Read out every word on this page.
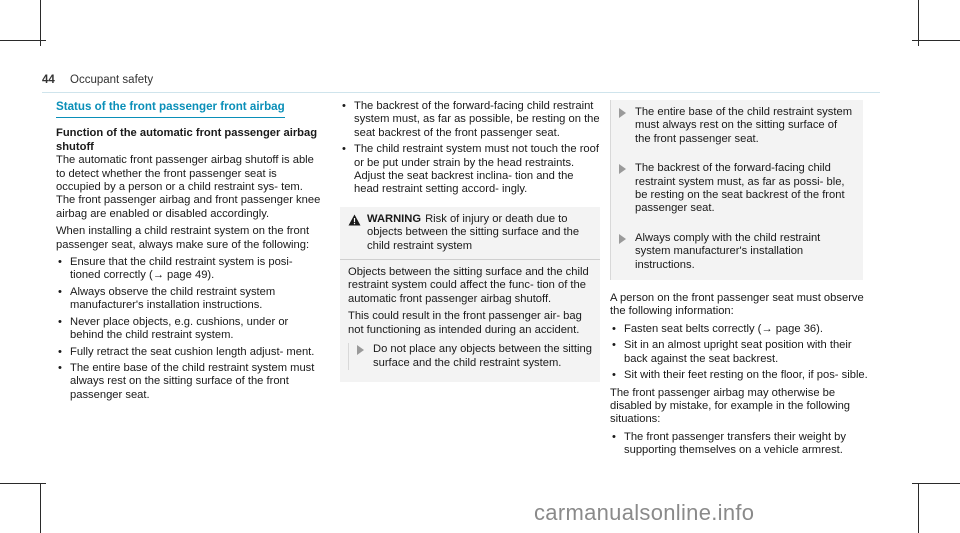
44 Occupant safety
Status of the front passenger front airbag
Function of the automatic front passenger airbag shutoff

The automatic front passenger airbag shutoff is able to detect whether the front passenger seat is occupied by a person or a child restraint sys- tem. The front passenger airbag and front passenger knee airbag are enabled or disabled accordingly.

When installing a child restraint system on the front passenger seat, always make sure of the following:

• Ensure that the child restraint system is posi- tioned correctly (→ page 49).
• Always observe the child restraint system manufacturer's installation instructions.
• Never place objects, e.g. cushions, under or behind the child restraint system.
• Fully retract the seat cushion length adjust- ment.
• The entire base of the child restraint system must always rest on the sitting surface of the front passenger seat.
• The backrest of the forward-facing child restraint system must, as far as possible, be resting on the seat backrest of the front passenger seat.
• The child restraint system must not touch the roof or be put under strain by the head restraints. Adjust the seat backrest inclina- tion and the head restraint setting accord- ingly.
WARNING Risk of injury or death due to objects between the sitting surface and the child restraint system

Objects between the sitting surface and the child restraint system could affect the func- tion of the automatic front passenger airbag shutoff.

This could result in the front passenger air- bag not functioning as intended during an accident.

Do not place any objects between the sitting surface and the child restraint system.
The entire base of the child restraint system must always rest on the sitting surface of the front passenger seat.
The backrest of the forward-facing child restraint system must, as far as possi- ble, be resting on the seat backrest of the front passenger seat.
Always comply with the child restraint system manufacturer's installation instructions.

A person on the front passenger seat must observe the following information:

• Fasten seat belts correctly (→ page 36).
• Sit in an almost upright seat position with their back against the seat backrest.
• Sit with their feet resting on the floor, if pos- sible.

The front passenger airbag may otherwise be disabled by mistake, for example in the following situations:

• The front passenger transfers their weight by supporting themselves on a vehicle armrest.
carmanualsonline.info
